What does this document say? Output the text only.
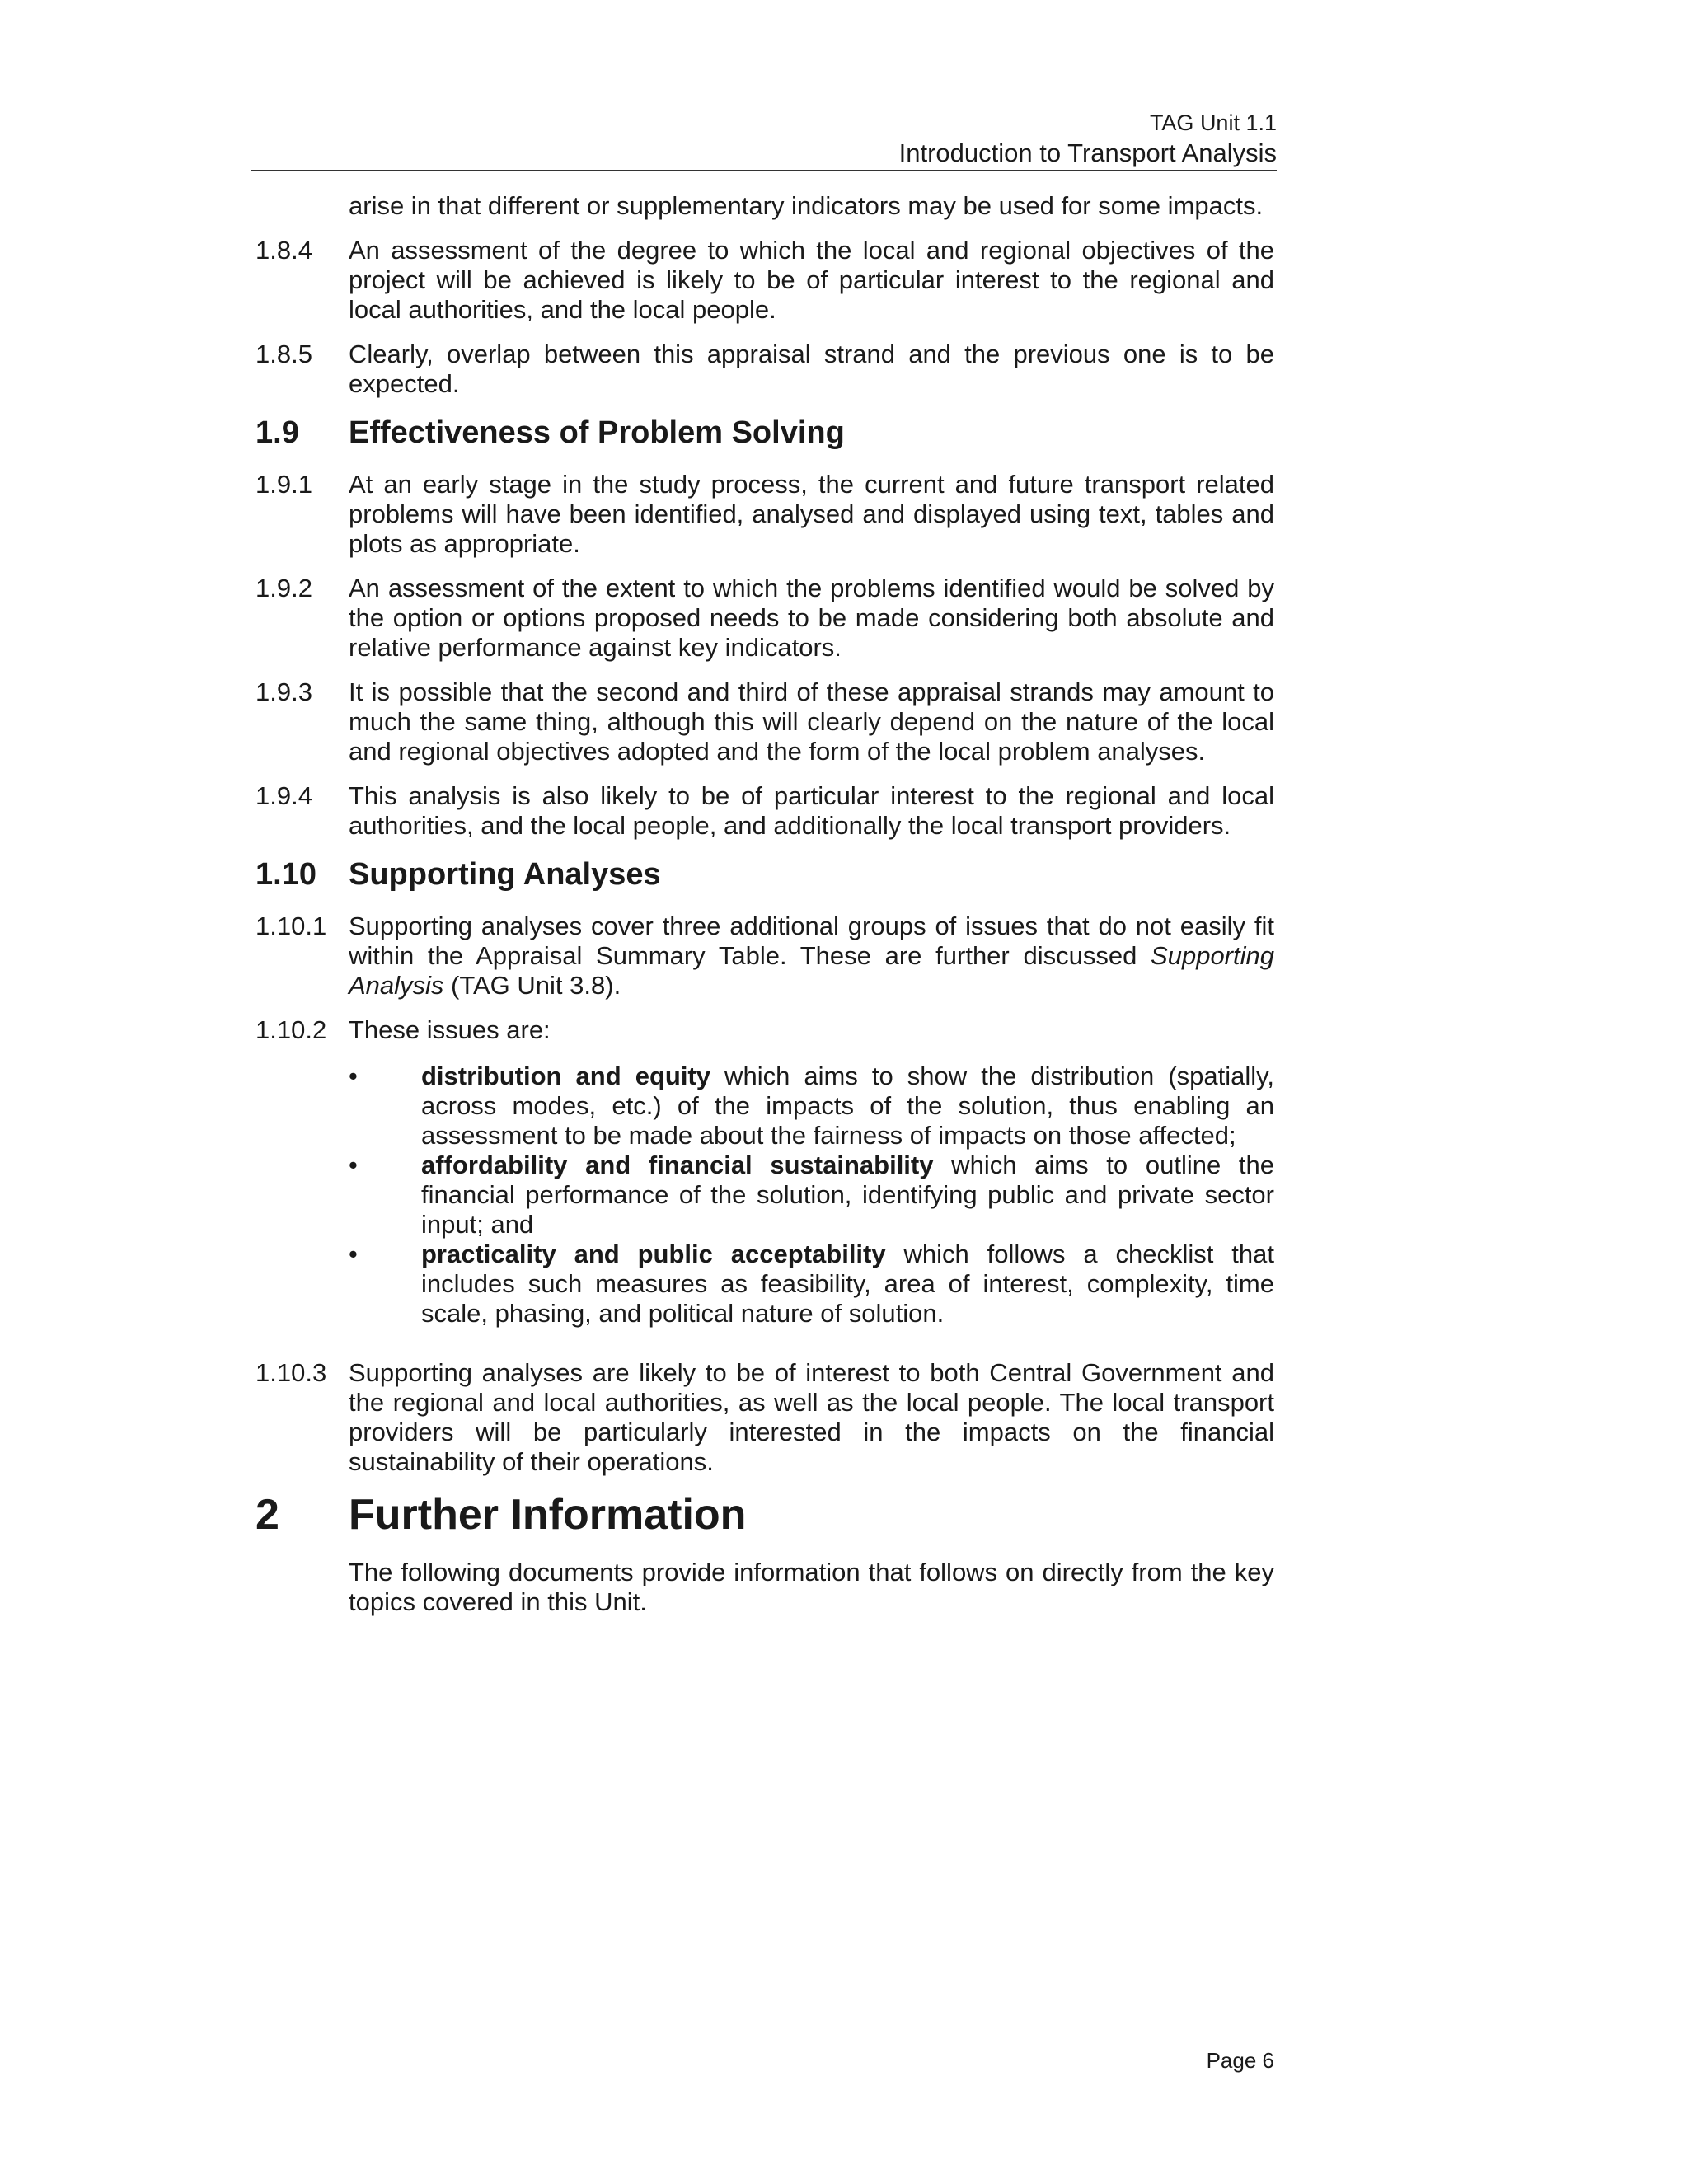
TAG Unit 1.1
Introduction to Transport Analysis

arise in that different or supplementary indicators may be used for some impacts.

1.8.4	An assessment of the degree to which the local and regional objectives of the project will be achieved is likely to be of particular interest to the regional and local authorities, and the local people.

1.8.5	Clearly, overlap between this appraisal strand and the previous one is to be expected.

1.9 Effectiveness of Problem Solving

1.9.1	At an early stage in the study process, the current and future transport related problems will have been identified, analysed and displayed using text, tables and plots as appropriate.

1.9.2	An assessment of the extent to which the problems identified would be solved by the option or options proposed needs to be made considering both absolute and relative performance against key indicators.

1.9.3	It is possible that the second and third of these appraisal strands may amount to much the same thing, although this will clearly depend on the nature of the local and regional objectives adopted and the form of the local problem analyses.

1.9.4	This analysis is also likely to be of particular interest to the regional and local authorities, and the local people, and additionally the local transport providers.

1.10 Supporting Analyses

1.10.1 Supporting analyses cover three additional groups of issues that do not easily fit within the Appraisal Summary Table. These are further discussed Supporting Analysis (TAG Unit 3.8).

1.10.2 These issues are:

• distribution and equity which aims to show the distribution (spatially, across modes, etc.) of the impacts of the solution, thus enabling an assessment to be made about the fairness of impacts on those affected;
• affordability and financial sustainability which aims to outline the financial performance of the solution, identifying public and private sector input; and
• practicality and public acceptability which follows a checklist that includes such measures as feasibility, area of interest, complexity, time scale, phasing, and political nature of solution.

1.10.3 Supporting analyses are likely to be of interest to both Central Government and the regional and local authorities, as well as the local people. The local transport providers will be particularly interested in the impacts on the financial sustainability of their operations.

2 Further Information

The following documents provide information that follows on directly from the key topics covered in this Unit.

Page 6
